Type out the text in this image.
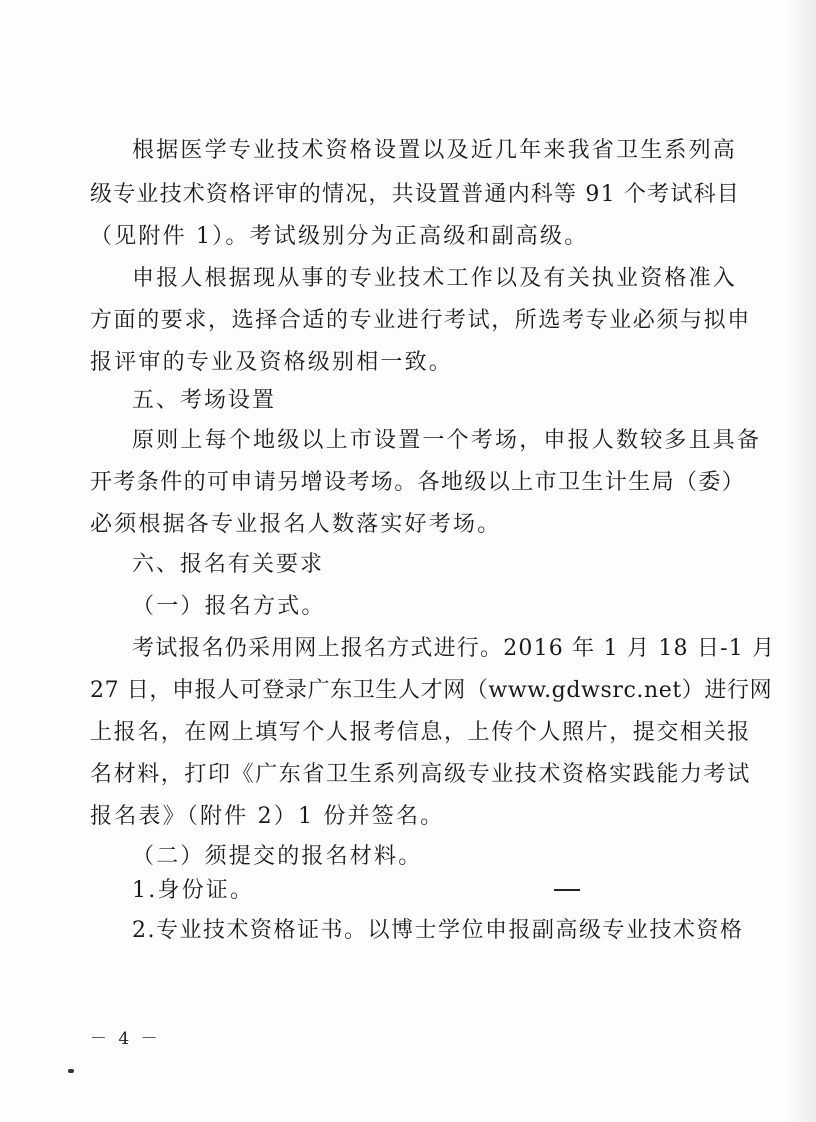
根据医学专业技术资格设置以及近几年来我省卫生系列高
级专业技术资格评审的情况，共设置普通内科等 91 个考试科目
（见附件 1）。考试级别分为正高级和副高级。
申报人根据现从事的专业技术工作以及有关执业资格准入
方面的要求，选择合适的专业进行考试，所选考专业必须与拟申
报评审的专业及资格级别相一致。
五、考场设置
原则上每个地级以上市设置一个考场，申报人数较多且具备
开考条件的可申请另增设考场。各地级以上市卫生计生局（委）
必须根据各专业报名人数落实好考场。
六、报名有关要求
（一）报名方式。
考试报名仍采用网上报名方式进行。2016 年 1 月 18 日-1 月
27 日，申报人可登录广东卫生人才网（www.gdwsrc.net）进行网
上报名，在网上填写个人报考信息，上传个人照片，提交相关报
名材料，打印《广东省卫生系列高级专业技术资格实践能力考试
报名表》（附件 2）1 份并签名。
（二）须提交的报名材料。
1.身份证。
2.专业技术资格证书。以博士学位申报副高级专业技术资格
－ 4 －
